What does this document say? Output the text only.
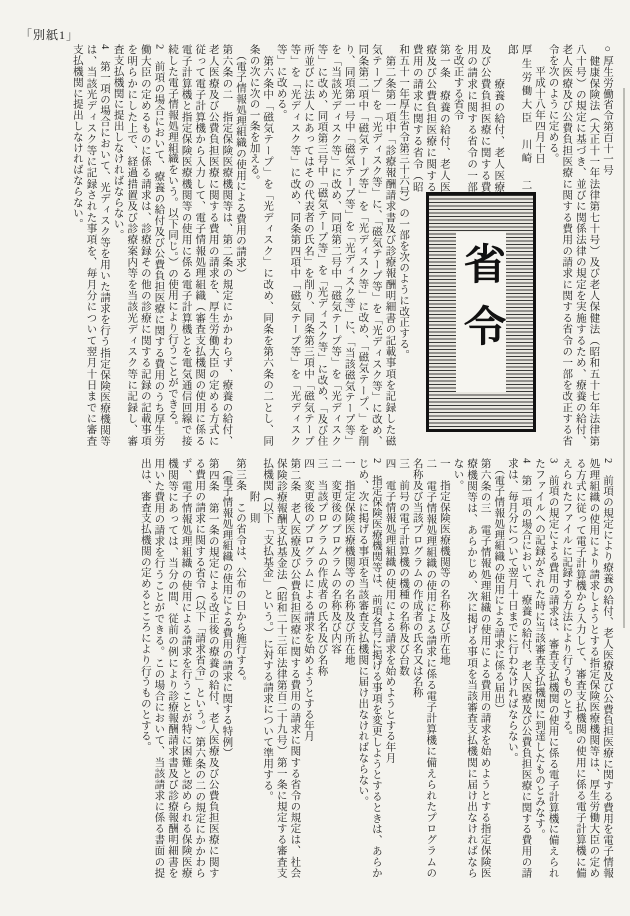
「別紙1」

○厚生労働省令第百十一号

　健康保険法（大正十一年法律第七十号）及び老人保健法（昭和五十七年法律第八十号）の規定に基づき、並びに関係法律の規定を実施するため、療養の給付、老人医療及び公費負担医療に関する費用の請求に関する省令の一部を改正する省令を次のように定める。

省令

　　平成十八年四月十日

厚生労働大臣　川崎　二郎

　　　療養の給付、老人医療及び公費負担医療に関する費用の請求に関する省令の一部を改正する省令

第一条　療養の給付、老人医療及び公費負担医療に関する費用の請求に関する省令（昭和五十一年厚生省令第三十六号）の一部を次のように改正する。

　第二条第一項中「診療報酬請求書及び診療報酬明細書の記載事項を記録した磁気テープ」を「光ディスク等」に、「磁気テープ等」を「光ディスク等」に改め、同条第二項中「磁気テープ等」を「光ディスク等」に改め、「磁気テープ、」を削り、同項第一号中「磁気テープ等」を「光ディスク等」に、「当該磁気テープ等」を「当該光ディスク等」に改め、同項第二号中「磁気テープ等」を「光ディスク等」に改め、同項第三号中「磁気テープ等」を「光ディスク等」に改め、「及び住所並びに法人にあってはその代表者の氏名」を削り、同条第三項中「磁気テープ等」を「光ディスク等」に改め、同条第四項中「磁気テープ等」を「光ディスク等」に改める。

　第六条中「磁気テープ」を「光ディスク」に改め、同条を第六条の二とし、同条の次に次の一条を加える。

　（電子情報処理組織の使用による費用の請求）

第六条の二　指定保険医療機関等は、第二条の規定にかかわらず、療養の給付、老人医療及び公費負担医療に関する費用の請求を、厚生労働大臣の定める方式に従って電子計算機から入力して、電子情報処理組織（審査支払機関の使用に係る電子計算機と指定保険医療機関等の使用に係る電子計算機とを電気通信回線で接続した電子情報処理組織をいう。以下同じ。）の使用により行うことができる。

2　前項の場合において、療養の給付及び公費負担医療に関する費用のうち厚生労働大臣の定めるものに係る請求は、診療録その他の診療に関する記録の記載事項を明らかにした上で、経過措置及び診療案内等を当該光ディスク等に記録し、審査支払機関に提出しなければならない。

4　第一項の場合において、光ディスク等を用いた請求を行う指定保険医療機関等は、当該光ディスク等に記録された事項を、毎月分について翌月十日までに審査支払機関に提出しなければならない。

2　前項の規定により療養の給付、老人医療及び公費負担医療に関する費用を電子情報処理組織の使用により請求しようとする指定保険医療機関等は、厚生労働大臣の定める方式に従って電子計算機から入力して、審査支払機関の使用に係る電子計算機に備えられたファイルに記録する方法により行うものとする。

3　前項の規定による費用の請求は、審査支払機関の使用に係る電子計算機に備えられたファイルへの記録がされた時に当該審査支払機関に到達したものとみなす。

4　第一項の場合において、療養の給付、老人医療及び公費負担医療に関する費用の請求は、毎月分について翌月十日までに行わなければならない。

　（電子情報処理組織の使用による請求に係る届出）

第六条の三　電子情報処理組織の使用による費用の請求を始めようとする指定保険医療機関等は、あらかじめ、次に掲げる事項を当該審査支払機関に届け出なければならない。

一　指定保険医療機関等の名称及び所在地

二　電子情報処理組織の使用による請求に係る電子計算機に備えられたプログラムの名称及び当該プログラムの作成者の氏名又は名称

三　前号の電子計算機の機種の名称及び台数

四　電子情報処理組織の使用による請求を始めようとする年月

2　指定保険医療機関等は、前項各号に掲げる事項を変更しようとするときは、あらかじめ、次に掲げる事項を当該審査支払機関に届け出なければならない。

一　指定保険医療機関等の名称及び所在地

二　変更後のプログラムの名称及び内容

三　当該プログラムの作成者の氏名及び名称

四　変更後のプログラムによる請求を始めようとする年月

第二条　老人医療及び公費負担医療に関する費用の請求に関する省令の規定は、社会保険診療報酬支払基金法（昭和二十三年法律第百二十九号）第一条に規定する審査支払機関（以下「支払基金」という。）に対する請求について準用する。

　　　附　則

第三条　この省令は、公布の日から施行する。

　（電子情報処理組織の使用による費用の請求に関する特例）

第四条　第一条の規定による改正後の療養の給付、老人医療及び公費負担医療に関する費用の請求に関する省令（以下「請求省令」という。）第六条の二の規定にかかわらず、電子情報処理組織の使用による請求を行うことが特に困難と認められる保険医療機関等にあっては、当分の間、従前の例により診療報酬請求書及び診療報酬明細書を用いた費用の請求を行うことができる。この場合において、当該請求に係る書面の提出は、審査支払機関の定めるところにより行うものとする。
